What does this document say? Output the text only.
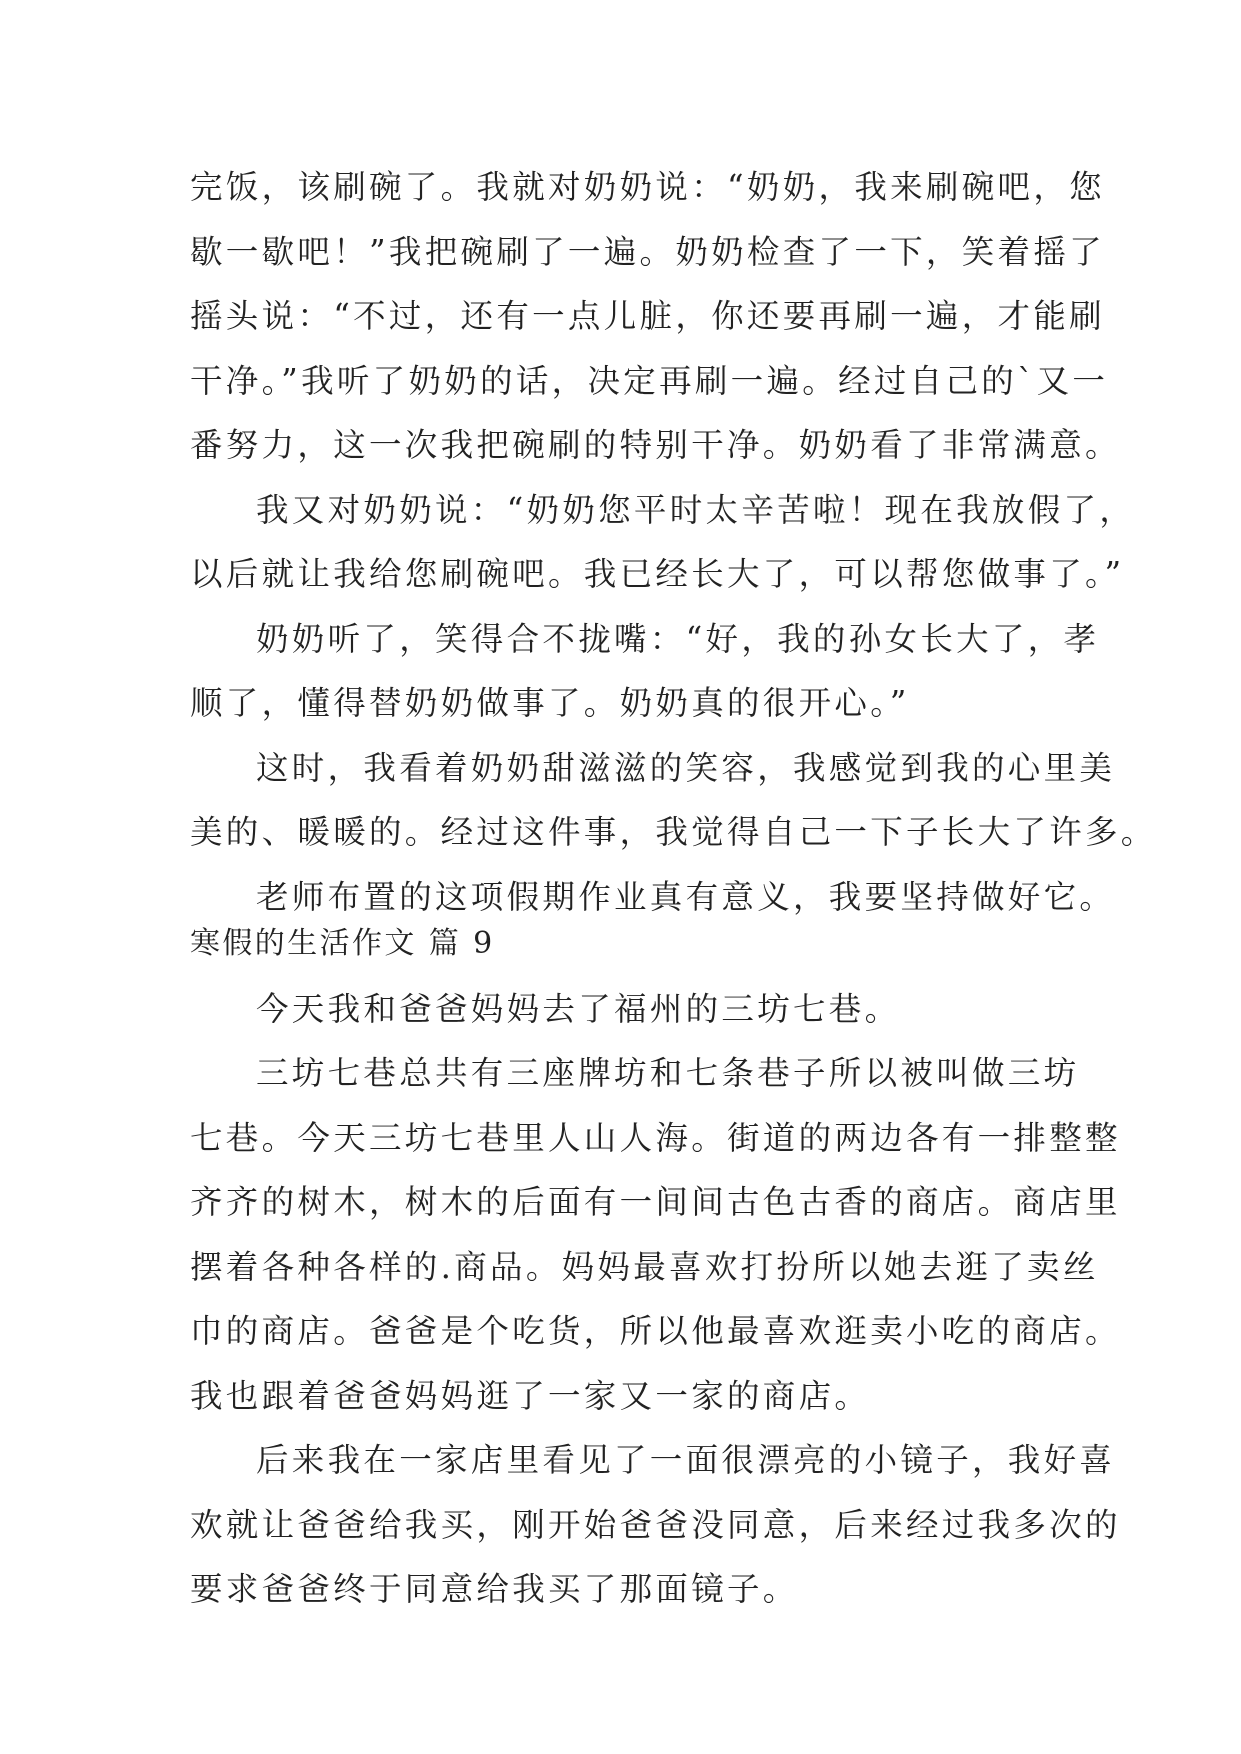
完饭，该刷碗了。我就对奶奶说：“奶奶，我来刷碗吧，您
歇一歇吧！”我把碗刷了一遍。奶奶检查了一下，笑着摇了
摇头说：“不过，还有一点儿脏，你还要再刷一遍，才能刷
干净。”我听了奶奶的话，决定再刷一遍。经过自己的`又一
番努力，这一次我把碗刷的特别干净。奶奶看了非常满意。
我又对奶奶说：“奶奶您平时太辛苦啦！现在我放假了，
以后就让我给您刷碗吧。我已经长大了，可以帮您做事了。”
奶奶听了，笑得合不拢嘴：“好，我的孙女长大了，孝
顺了，懂得替奶奶做事了。奶奶真的很开心。”
这时，我看着奶奶甜滋滋的笑容，我感觉到我的心里美
美的、暖暖的。经过这件事，我觉得自己一下子长大了许多。
老师布置的这项假期作业真有意义，我要坚持做好它。
寒假的生活作文 篇 9
今天我和爸爸妈妈去了福州的三坊七巷。
三坊七巷总共有三座牌坊和七条巷子所以被叫做三坊
七巷。今天三坊七巷里人山人海。街道的两边各有一排整整
齐齐的树木，树木的后面有一间间古色古香的商店。商店里
摆着各种各样的.商品。妈妈最喜欢打扮所以她去逛了卖丝
巾的商店。爸爸是个吃货，所以他最喜欢逛卖小吃的商店。
我也跟着爸爸妈妈逛了一家又一家的商店。
后来我在一家店里看见了一面很漂亮的小镜子，我好喜
欢就让爸爸给我买，刚开始爸爸没同意，后来经过我多次的
要求爸爸终于同意给我买了那面镜子。
